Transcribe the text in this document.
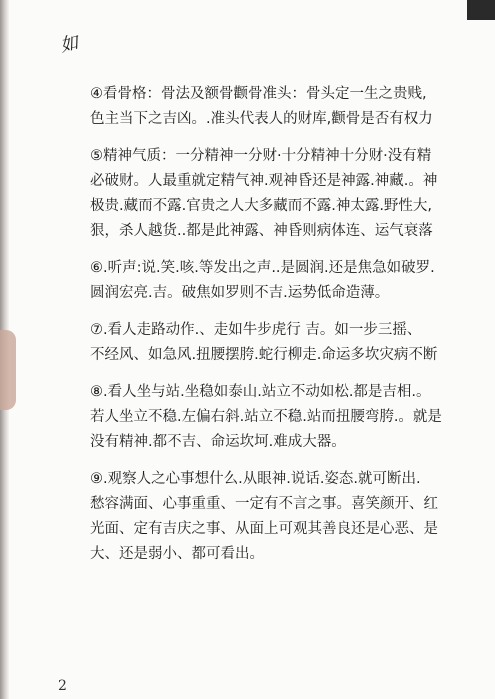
如
④看骨格：骨法及额骨颧骨准头：骨头定一生之贵贱,
色主当下之吉凶。.准头代表人的财库,颧骨是否有权力
⑤精神气质：一分精神一分财·十分精神十分财·没有精
必破财。人最重就定精气神.观神昏还是神露.神藏.。神
极贵.藏而不露.官贵之人大多藏而不露.神太露.野性大,
狠，杀人越货..都是此神露、神昏则病体连、运气衰落
⑥.听声:说.笑.咳.等发出之声..是圆润.还是焦急如破罗.
圆润宏亮.吉。破焦如罗则不吉.运势低命造薄。
⑦.看人走路动作.、走如牛步虎行 吉。如一步三摇、
不经风、如急风.扭腰摆胯.蛇行柳走.命运多坎灾病不断
⑧.看人坐与站.坐稳如泰山.站立不动如松.都是吉相.。
若人坐立不稳.左偏右斜.站立不稳.站而扭腰弯胯.。就是
没有精神.都不吉、命运坎坷.难成大器。
⑨.观察人之心事想什么.从眼神.说话.姿态.就可断出.
愁容满面、心事重重、一定有不言之事。喜笑颜开、红
光面、定有吉庆之事、从面上可观其善良还是心恶、是
大、还是弱小、都可看出。
2
